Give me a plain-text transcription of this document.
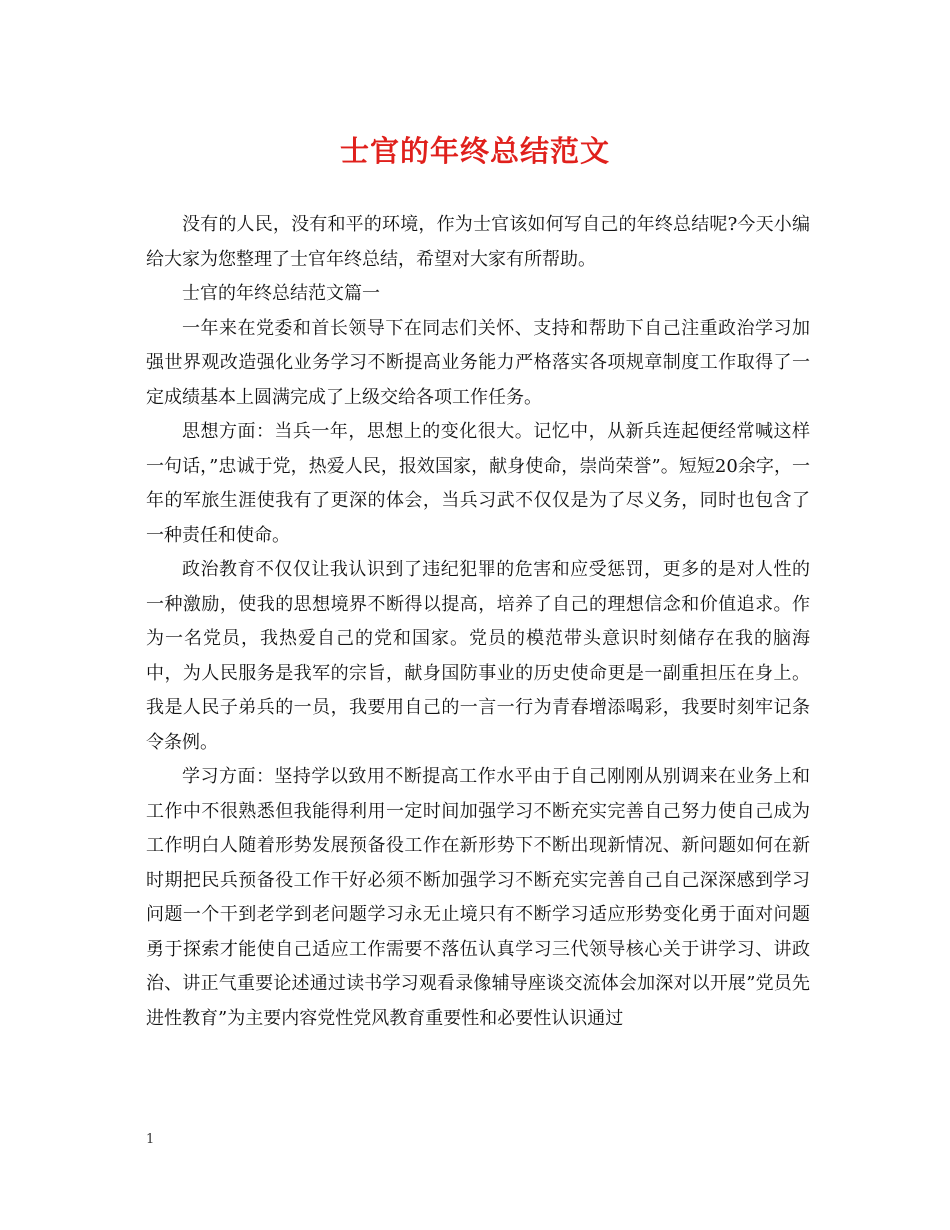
士官的年终总结范文

没有的人民，没有和平的环境，作为士官该如何写自己的年终总结呢?今天小编给大家为您整理了士官年终总结，希望对大家有所帮助。

士官的年终总结范文篇一

一年来在党委和首长领导下在同志们关怀、支持和帮助下自己注重政治学习加强世界观改造强化业务学习不断提高业务能力严格落实各项规章制度工作取得了一定成绩基本上圆满完成了上级交给各项工作任务。

思想方面：当兵一年，思想上的变化很大。记忆中，从新兵连起便经常喊这样一句话，”忠诚于党，热爱人民，报效国家，献身使命，崇尚荣誉”。短短20余字，一年的军旅生涯使我有了更深的体会，当兵习武不仅仅是为了尽义务，同时也包含了一种责任和使命。

政治教育不仅仅让我认识到了违纪犯罪的危害和应受惩罚，更多的是对人性的一种激励，使我的思想境界不断得以提高，培养了自己的理想信念和价值追求。作为一名党员，我热爱自己的党和国家。党员的模范带头意识时刻储存在我的脑海中，为人民服务是我军的宗旨，献身国防事业的历史使命更是一副重担压在身上。我是人民子弟兵的一员，我要用自己的一言一行为青春增添喝彩，我要时刻牢记条令条例。

学习方面：坚持学以致用不断提高工作水平由于自己刚刚从别调来在业务上和工作中不很熟悉但我能得利用一定时间加强学习不断充实完善自己努力使自己成为工作明白人随着形势发展预备役工作在新形势下不断出现新情况、新问题如何在新时期把民兵预备役工作干好必须不断加强学习不断充实完善自己自己深深感到学习问题一个干到老学到老问题学习永无止境只有不断学习适应形势变化勇于面对问题勇于探索才能使自己适应工作需要不落伍认真学习三代领导核心关于讲学习、讲政治、讲正气重要论述通过读书学习观看录像辅导座谈交流体会加深对以开展”党员先进性教育”为主要内容党性党风教育重要性和必要性认识通过

1
